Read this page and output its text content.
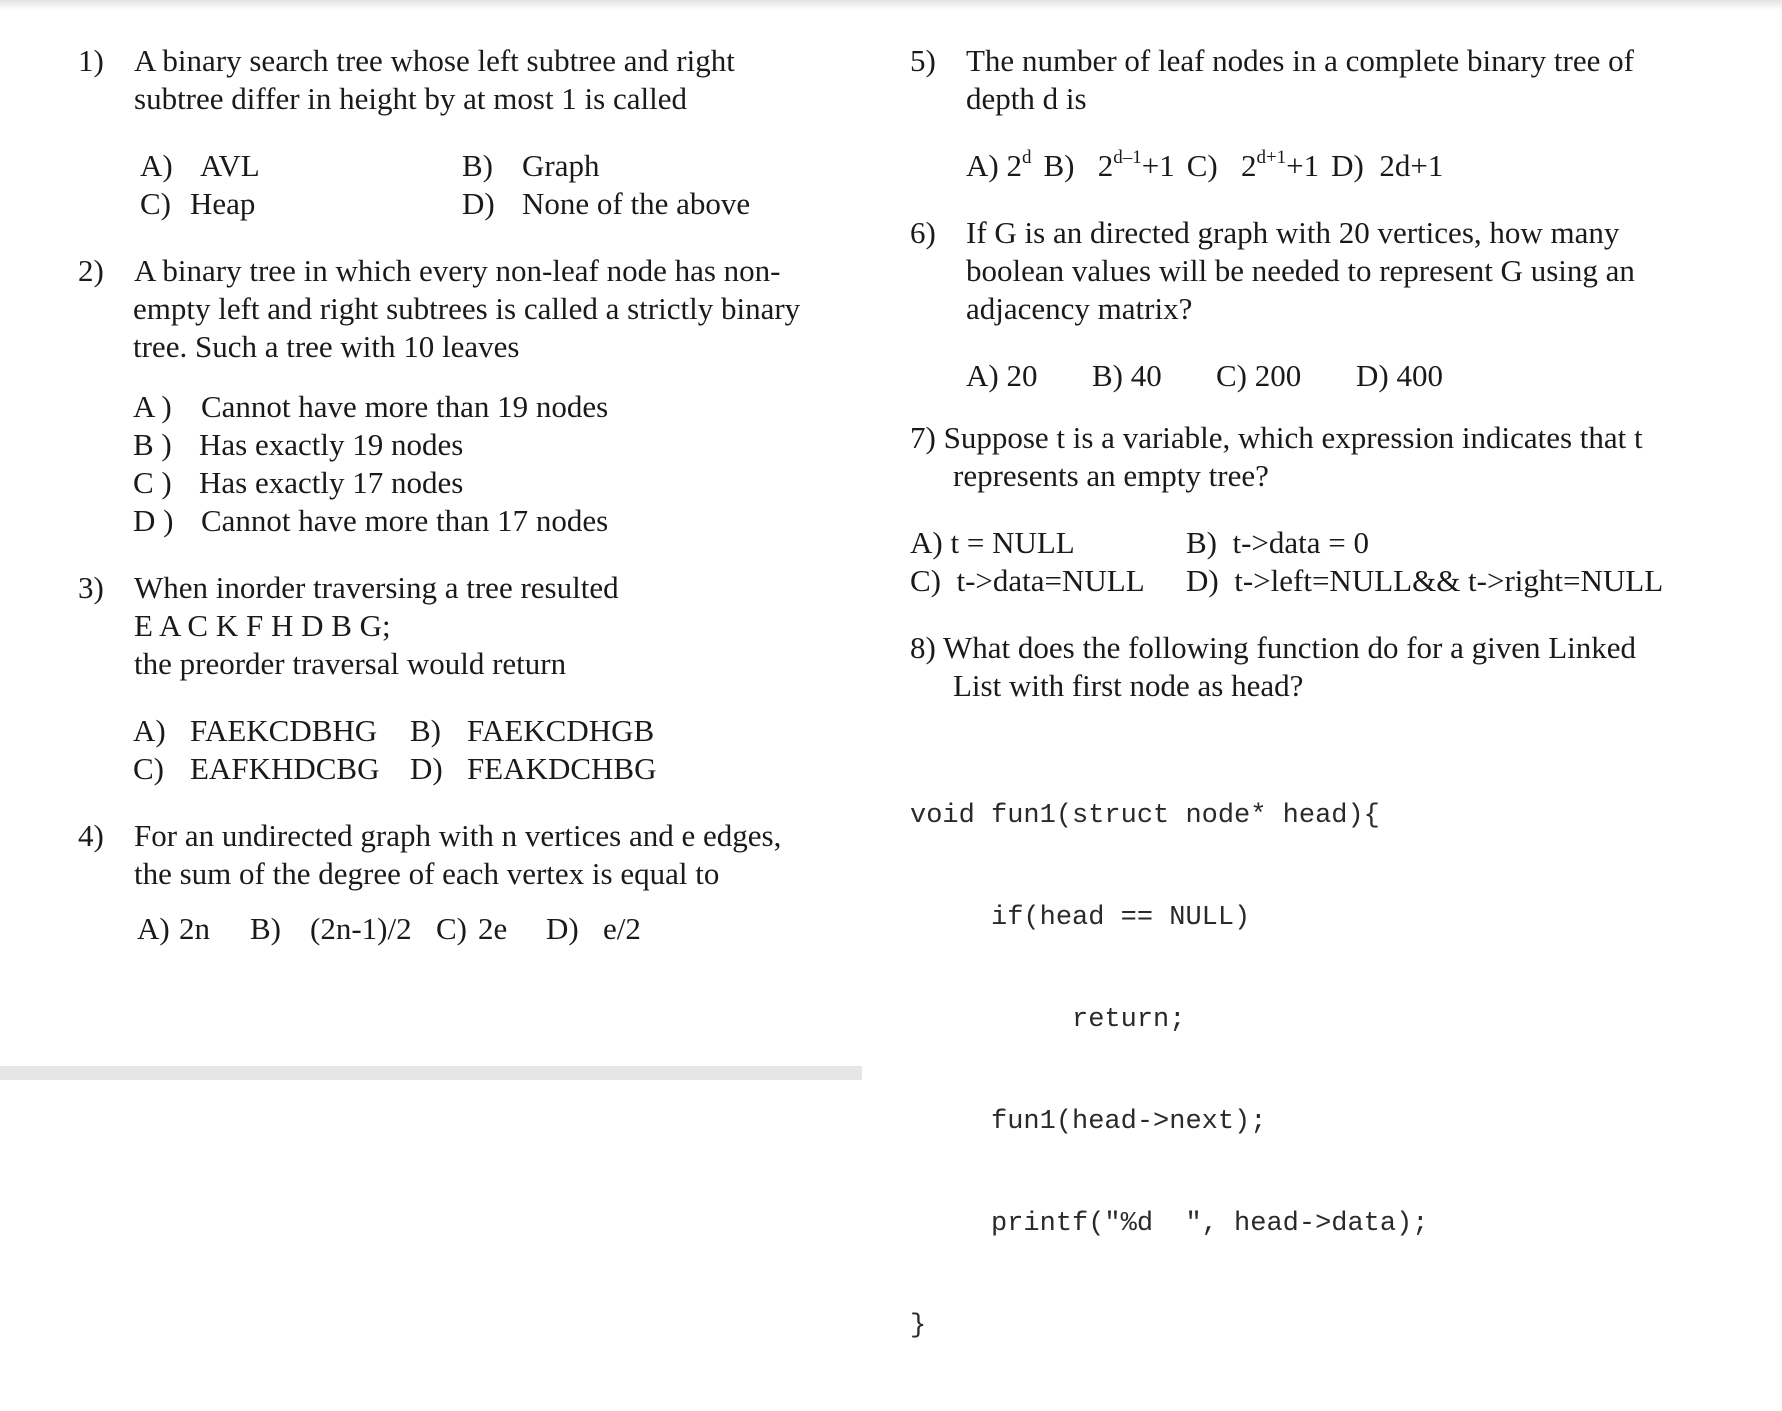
1) A binary search tree whose left subtree and right
subtree differ in height by at most 1 is called
A) AVL	B) Graph
C) Heap	D) None of the above
2) A binary tree in which every non-leaf node has non-
empty left and right subtrees is called a strictly binary
tree. Such a tree with 10 leaves
A ) Cannot have more than 19 nodes
B ) Has exactly 19 nodes
C ) Has exactly 17 nodes
D ) Cannot have more than 17 nodes
3) When inorder traversing a tree resulted
E A C K F H D B G;
the preorder traversal would return
A) FAEKCDBHG	B) FAEKCDHGB
C) EAFKHDCBG D) FEAKDCHBG
4) For an undirected graph with n vertices and e edges,
the sum of the degree of each vertex is equal to
A) 2n	B) (2n-1)/2 C) 2e	D) e/2
5) The number of leaf nodes in a complete binary tree of
depth d is
A) 2$^d$ B) $2^{d-1}+1$ C) $2^{d+1}+1$ D) 2d+1
6) If G is an directed graph with 20 vertices, how many
boolean values will be needed to represent G using an
adjacency matrix?
A) 20	B) 40	C) 200	D) 400
7) Suppose t is a variable, which expression indicates that t
represents an empty tree?
A) t = NULL	B) t->data = 0
C) t->data=NULL	D) t->left=NULL&& t->right=NULL
8) What does the following function do for a given Linked
List with first node as head?

void fun1(struct node* head){

if(head == NULL)

return;

fun1(head->next);

printf("%d  ", head->data);

}
